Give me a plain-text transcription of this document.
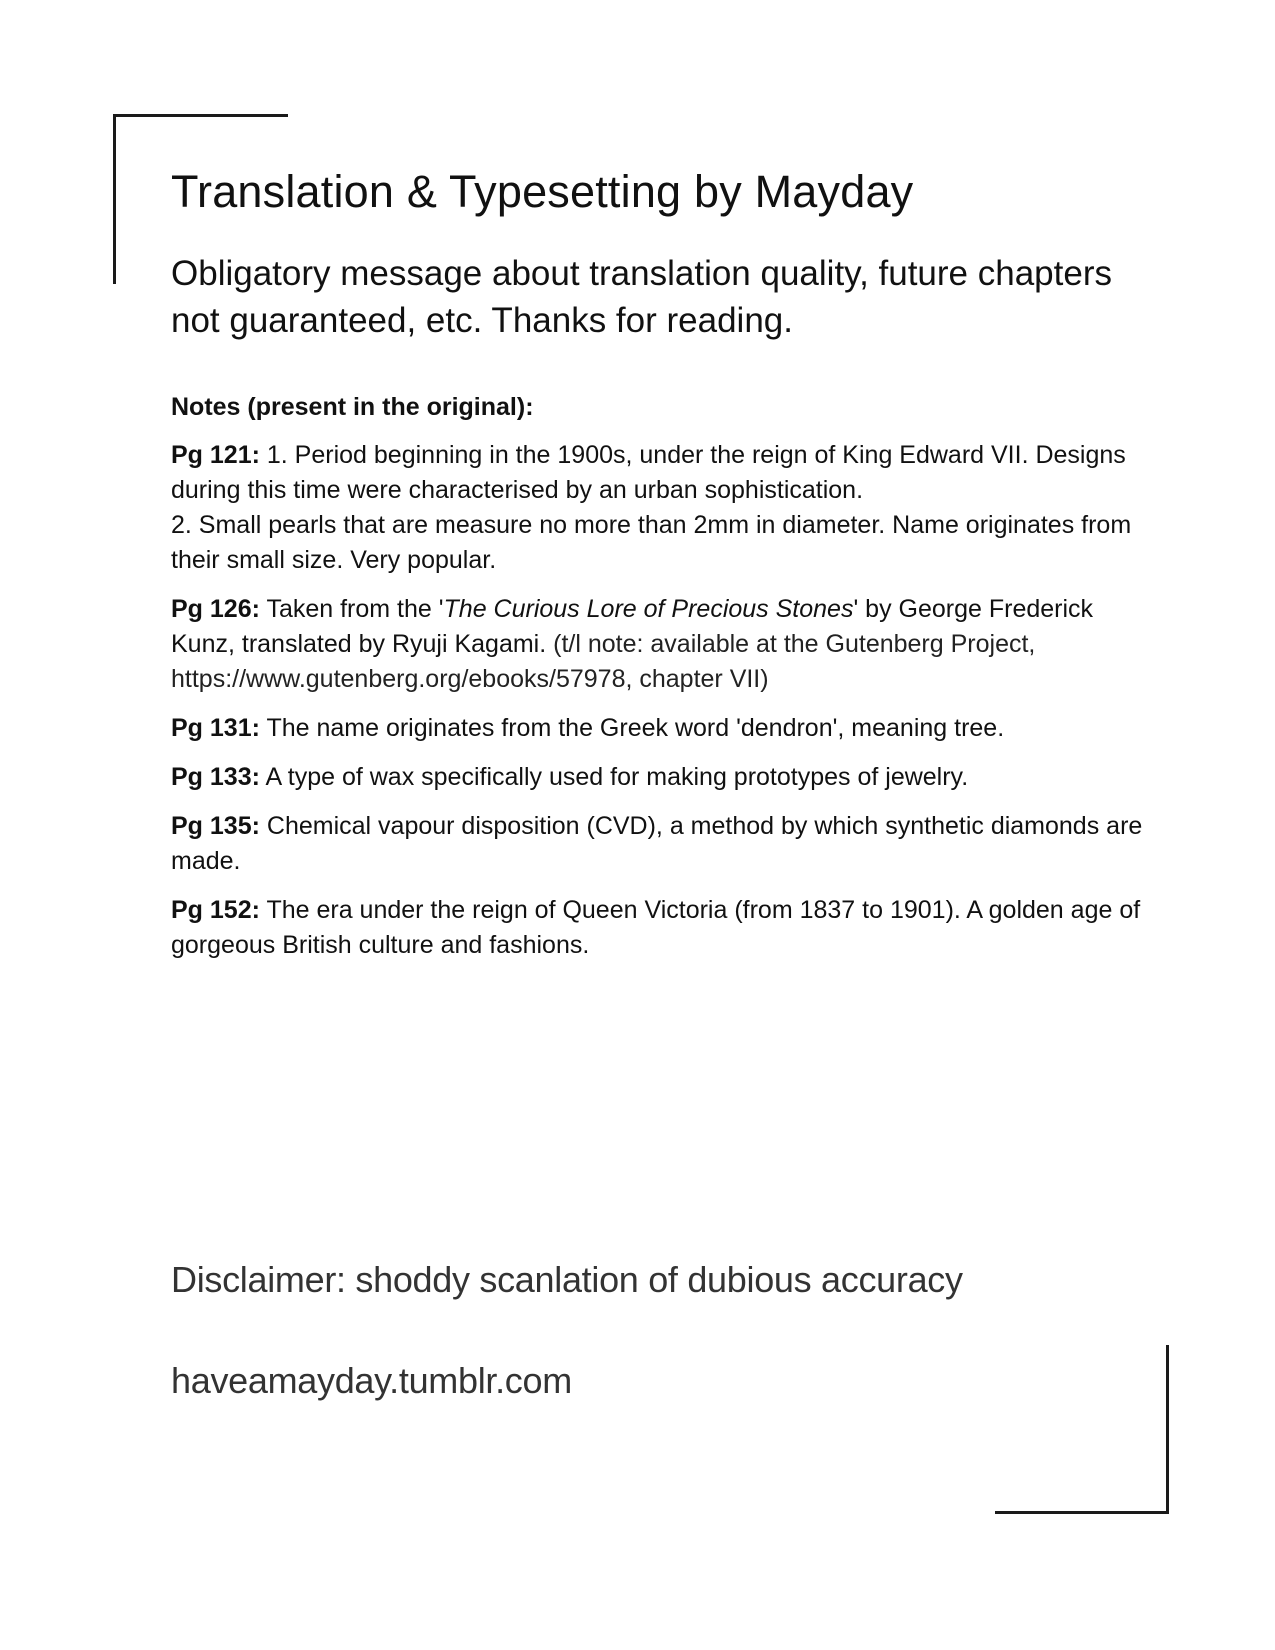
Translation & Typesetting by Mayday

Obligatory message about translation quality, future chapters not guaranteed, etc. Thanks for reading.

Notes (present in the original):

Pg 121: 1. Period beginning in the 1900s, under the reign of King Edward VII. Designs during this time were characterised by an urban sophistication.
2. Small pearls that are measure no more than 2mm in diameter. Name originates from their small size. Very popular.

Pg 126: Taken from the 'The Curious Lore of Precious Stones' by George Frederick Kunz, translated by Ryuji Kagami. (t/l note: available at the Gutenberg Project, https://www.gutenberg.org/ebooks/57978, chapter VII)

Pg 131: The name originates from the Greek word 'dendron', meaning tree.

Pg 133: A type of wax specifically used for making prototypes of jewelry.

Pg 135: Chemical vapour disposition (CVD), a method by which synthetic diamonds are made.

Pg 152: The era under the reign of Queen Victoria (from 1837 to 1901). A golden age of gorgeous British culture and fashions.

Disclaimer: shoddy scanlation of dubious accuracy
haveamayday.tumblr.com
